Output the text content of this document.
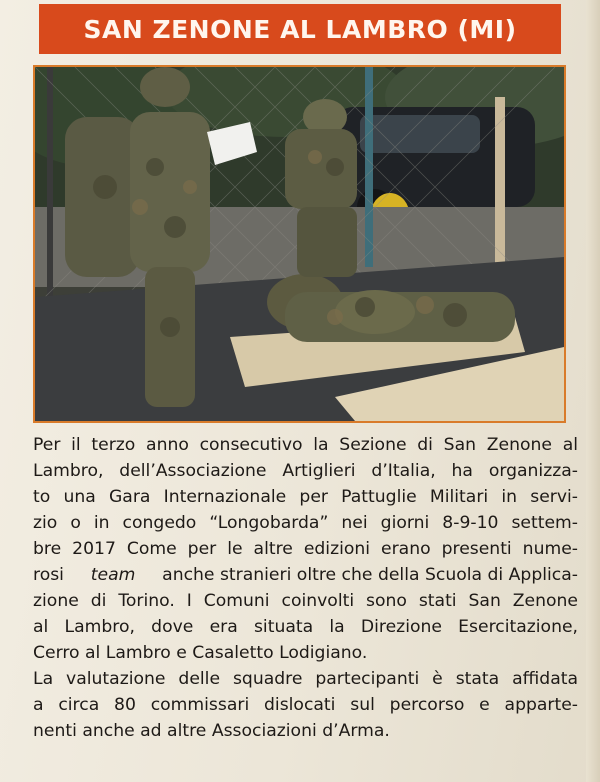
SAN ZENONE AL LAMBRO (MI)
Per il terzo anno consecutivo la Sezione di San Zenone al
Lambro, dell’Associazione Artiglieri d’Italia, ha organizza-
to una Gara Internazionale per Pattuglie Militari in servi-
zio o in congedo “Longobarda” nei giorni 8-9-10 settem-
bre 2017 Come per le altre edizioni erano presenti nume-
rosi team anche stranieri oltre che della Scuola di Applica-
zione di Torino. I Comuni coinvolti sono stati San Zenone
al Lambro, dove era situata la Direzione Esercitazione,
Cerro al Lambro e Casaletto Lodigiano.
La valutazione delle squadre partecipanti è stata affidata
a circa 80 commissari dislocati sul percorso e apparte-
nenti anche ad altre Associazioni d’Arma.
